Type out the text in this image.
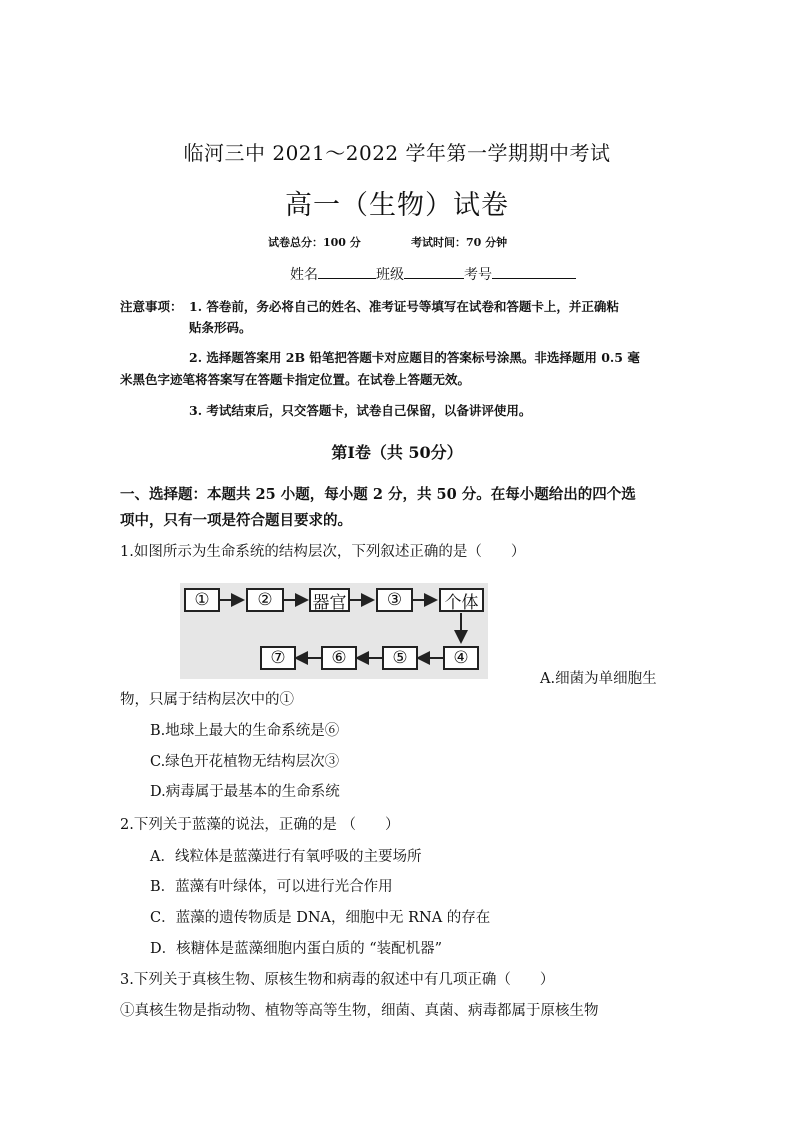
临河三中 2021～2022 学年第一学期期中考试
高一（生物）试卷
试卷总分：100 分	考试时间：70 分钟
姓名	班级	考号
注意事项： 1. 答卷前，务必将自己的姓名、准考证号等填写在试卷和答题卡上，并正确粘
贴条形码。
2. 选择题答案用 2B 铅笔把答题卡对应题目的答案标号涂黑。非选择题用 0.5 毫
米黑色字迹笔将答案写在答题卡指定位置。在试卷上答题无效。
3. 考试结束后，只交答题卡，试卷自己保留，以备讲评使用。
第Ⅰ卷（共 50分）
一、选择题：本题共 25 小题，每小题 2 分，共 50 分。在每小题给出的四个选
项中，只有一项是符合题目要求的。
1.如图所示为生命系统的结构层次，下列叙述正确的是（　　）
①	②	器官	③	个体
⑦	⑥	⑤	④
A.细菌为单细胞生
物，只属于结构层次中的①
B.地球上最大的生命系统是⑥
C.绿色开花植物无结构层次③
D.病毒属于最基本的生命系统
2.下列关于蓝藻的说法，正确的是 （　　）
A．线粒体是蓝藻进行有氧呼吸的主要场所
B．蓝藻有叶绿体，可以进行光合作用
C．蓝藻的遗传物质是 DNA，细胞中无 RNA 的存在
D．核糖体是蓝藻细胞内蛋白质的 “装配机器”
3.下列关于真核生物、原核生物和病毒的叙述中有几项正确（　　）
①真核生物是指动物、植物等高等生物，细菌、真菌、病毒都属于原核生物
